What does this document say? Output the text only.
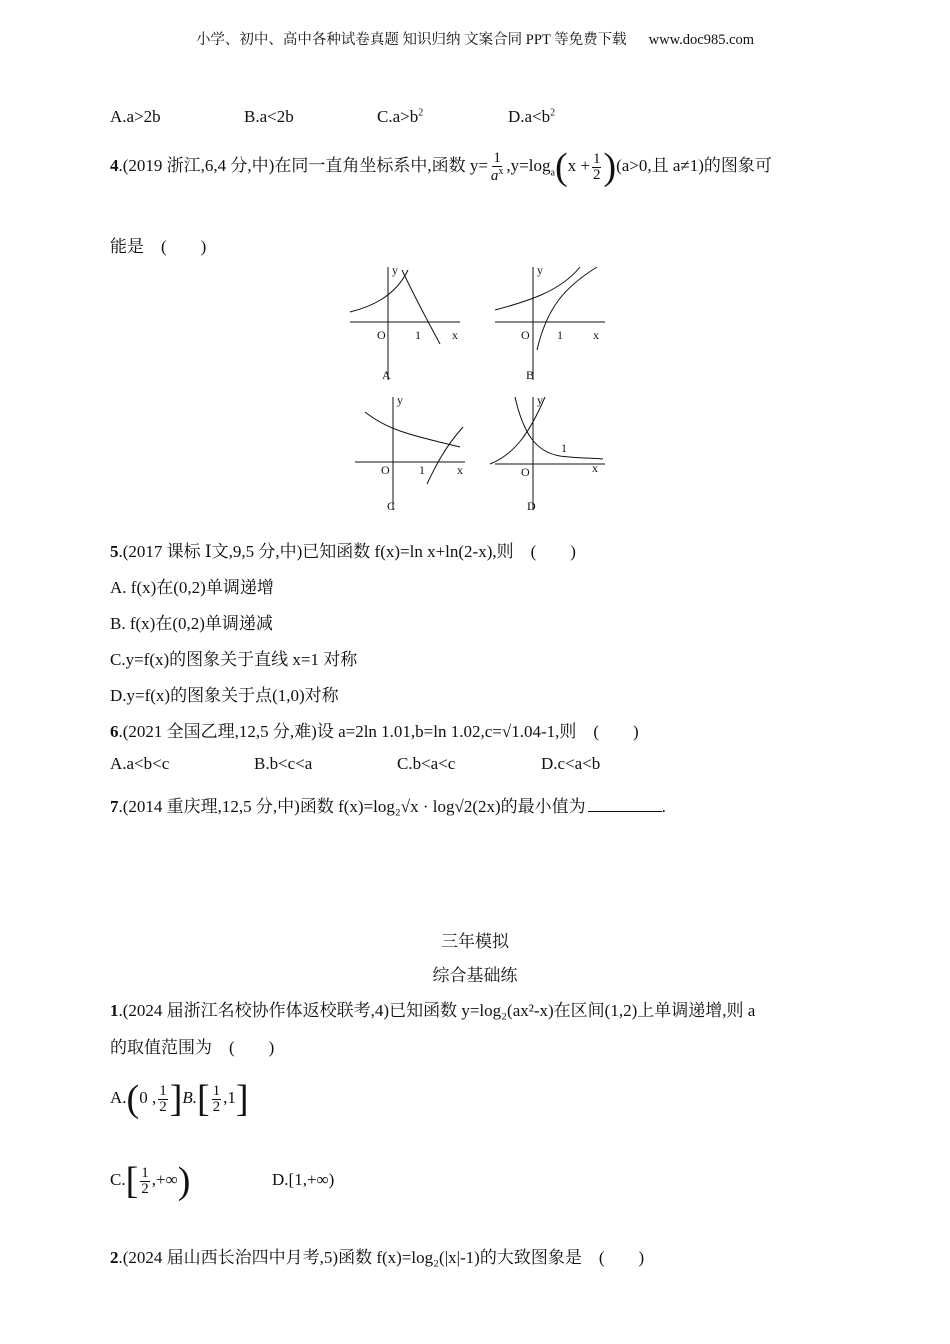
小学、初中、高中各种试卷真题 知识归纳 文案合同 PPT 等免费下载 www.doc985.com
A.a>2b	B.a<2b	$C.a>b^2$	$D.a<b^2$
4.(2019 浙江,6,4 分,中)在同一直角坐标系中,函数 $y= \frac{1}{a^x} ,y=\log_a(x + \frac{1}{2} )(a>0$,且 a≠1)的图象可
能是　(　　)
y
x
O 1
A
y
x
O 1
B
y
x
O 1
C
y
x
O
1
D
5.(2017 课标 Ⅰ文,9,5 分,中)已知函数 f(x)=ln x+ln(2-x),则　(　　)
A. f(x)在(0,2)单调递增
B. f(x)在(0,2)单调递减
C.y=f(x)的图象关于直线 x=1 对称
D.y=f(x)的图象关于点(1,0)对称
6.(2021 全国乙理,12,5 分,难)设 a=2ln 1.01,b=ln 1.02,c=√1.04-1,则　(　　)
A.a<b<c	B.b<c<a	C.b<a<c	D.c<a<b
7.(2014 重庆理,12,5 分,中)函数 f(x)=log₂√x · log√2(2x)的最小值为	.
三年模拟
综合基础练
1.(2024 届浙江名校协作体返校联考,4)已知函数 y=log₂(ax²-x)在区间(1,2)上单调递增,则 a
的取值范围为　(　　)
A.(0 , $\frac{1}{2} ]B.[ \frac{1}{2} ,1]$
$C.[ \frac{1}{2}$ ,+∞)	D.[1,+∞)
2.(2024 届山西长治四中月考,5)函数 f(x)=log₂(|x|-1)的大致图象是　(　　)
